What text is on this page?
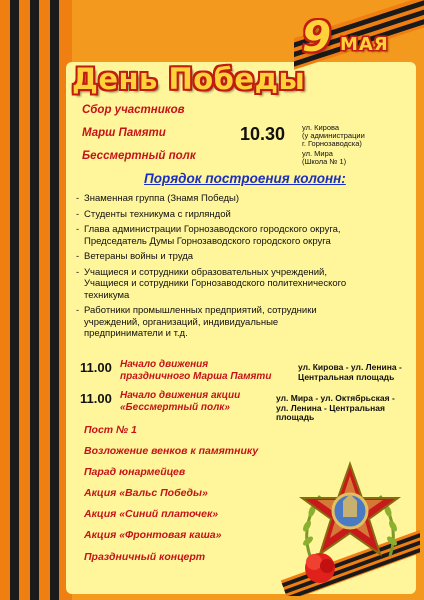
9 МАЯ
День Победы
Сбор участников
Марш Памяти
Бессмертный полк
10.30 ул. Кирова
(у администрации
г. Горнозаводска)
ул. Мира
(Школа № 1)
Порядок построения колонн:
- Знаменная группа (Знамя Победы)
- Студенты техникума с гирляндой
- Глава администрации Горнозаводского городского округа,
Председатель Думы Горнозаводского городского округа
- Ветераны войны и труда
- Учащиеся и сотрудники образовательных учреждений,
Учащиеся и сотрудники Горнозаводского политехнического
техникума
- Работники промышленных предприятий, сотрудники
учреждений, организаций, индивидуальные
предприниматели и т.д.
11.00 Начало движения
праздничного Марша Памяти
ул. Кирова - ул. Ленина -
Центральная площадь
11.00 Начало движения акции
«Бессмертный полк»
ул. Мира - ул. Октябрьская -
ул. Ленина - Центральная
площадь
Пост № 1
Возложение венков к памятнику
Парад юнармейцев
Акция «Вальс Победы»
Акция «Синий платочек»
Акция «Фронтовая каша»
Праздничный концерт
